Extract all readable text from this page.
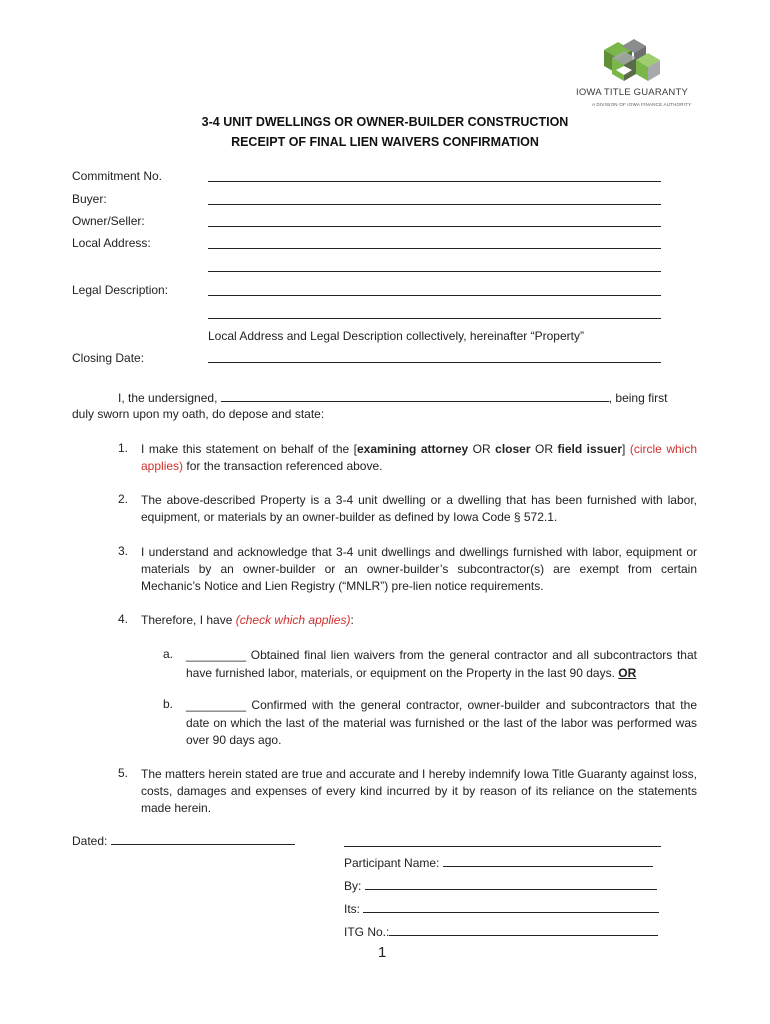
IOWA TITLE GUARANTY
A DIVISION OF IOWA FINANCE AUTHORITY
3-4 UNIT DWELLINGS OR OWNER-BUILDER CONSTRUCTION
RECEIPT OF FINAL LIEN WAIVERS CONFIRMATION
Commitment No.
Buyer:
Owner/Seller:
Local Address:
Legal Description:
Local Address and Legal Description collectively, hereinafter “Property”
Closing Date:
I, the undersigned,	, being first
duly sworn upon my oath, do depose and state:
1. I make this statement on behalf of the [examining attorney OR closer OR field issuer] (circle which applies) for the transaction referenced above.
2. The above-described Property is a 3-4 unit dwelling or a dwelling that has been furnished with labor, equipment, or materials by an owner-builder as defined by Iowa Code § 572.1.
3. I understand and acknowledge that 3-4 unit dwellings and dwellings furnished with labor, equipment or materials by an owner-builder or an owner-builder’s subcontractor(s) are exempt from certain Mechanic’s Notice and Lien Registry (“MNLR”) pre-lien notice requirements.
4. Therefore, I have (check which applies):
a. _________ Obtained final lien waivers from the general contractor and all subcontractors that have furnished labor, materials, or equipment on the Property in the last 90 days. OR
b. _________ Confirmed with the general contractor, owner-builder and subcontractors that the date on which the last of the material was furnished or the last of the labor was performed was over 90 days ago.
5. The matters herein stated are true and accurate and I hereby indemnify Iowa Title Guaranty against loss, costs, damages and expenses of every kind incurred by it by reason of its reliance on the statements made herein.
Dated:
Participant Name:
By:
Its:
ITG No.:
1
